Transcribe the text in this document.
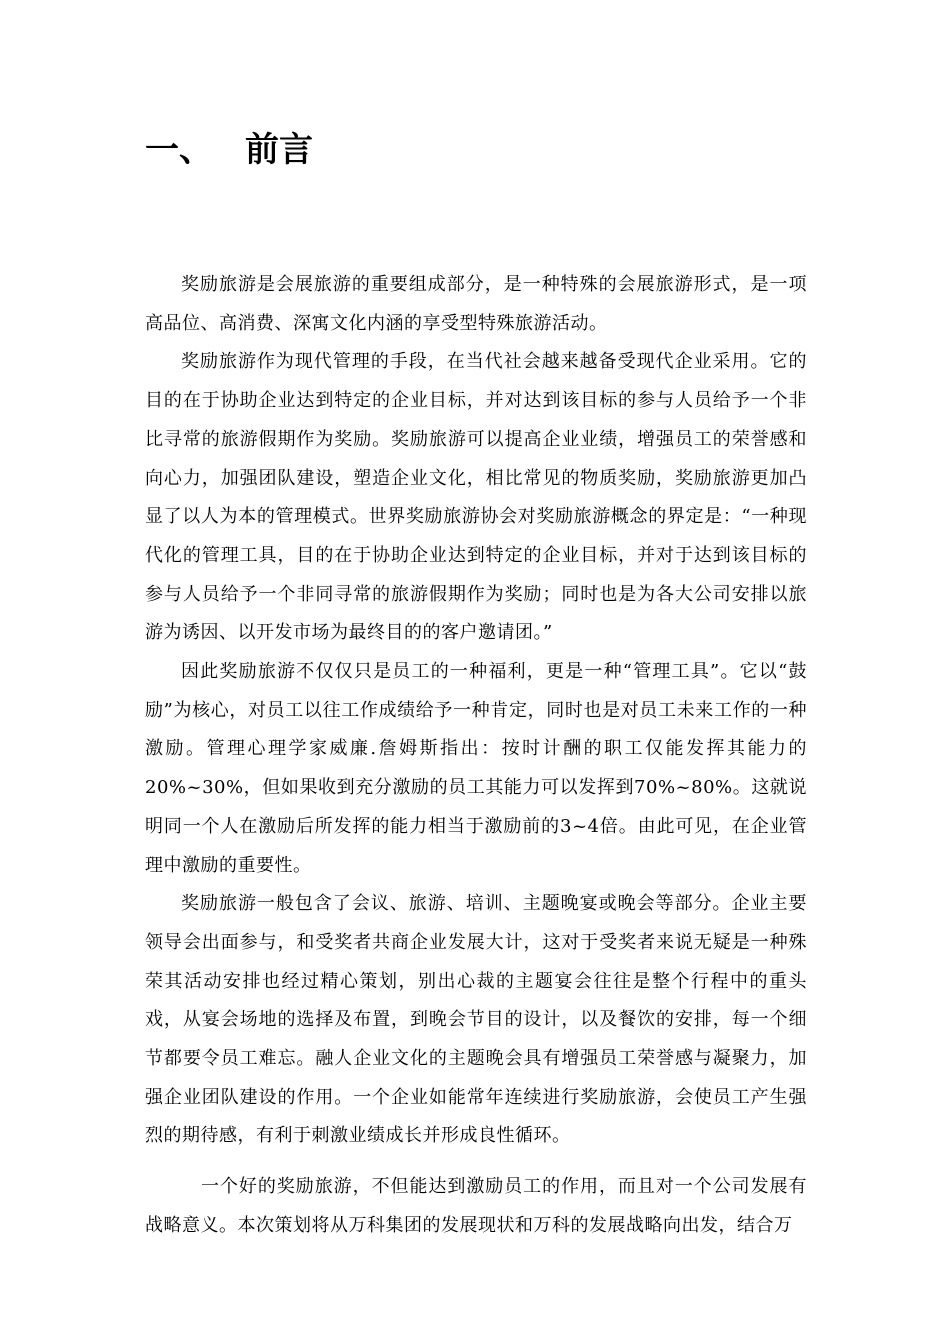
一、 前言

奖励旅游是会展旅游的重要组成部分，是一种特殊的会展旅游形式，是一项高品位、高消费、深寓文化内涵的享受型特殊旅游活动。

奖励旅游作为现代管理的手段，在当代社会越来越备受现代企业采用。它的目的在于协助企业达到特定的企业目标，并对达到该目标的参与人员给予一个非比寻常的旅游假期作为奖励。奖励旅游可以提高企业业绩，增强员工的荣誉感和向心力，加强团队建设，塑造企业文化，相比常见的物质奖励，奖励旅游更加凸显了以人为本的管理模式。世界奖励旅游协会对奖励旅游概念的界定是：“一种现代化的管理工具，目的在于协助企业达到特定的企业目标，并对于达到该目标的参与人员给予一个非同寻常的旅游假期作为奖励；同时也是为各大公司安排以旅游为诱因、以开发市场为最终目的的客户邀请团。”

因此奖励旅游不仅仅只是员工的一种福利，更是一种“管理工具”。它以“鼓励”为核心，对员工以往工作成绩给予一种肯定，同时也是对员工未来工作的一种激励。管理心理学家威廉.詹姆斯指出：按时计酬的职工仅能发挥其能力的20%~30%，但如果收到充分激励的员工其能力可以发挥到70%~80%。这就说明同一个人在激励后所发挥的能力相当于激励前的3~4倍。由此可见，在企业管理中激励的重要性。

奖励旅游一般包含了会议、旅游、培训、主题晚宴或晚会等部分。企业主要领导会出面参与，和受奖者共商企业发展大计，这对于受奖者来说无疑是一种殊荣其活动安排也经过精心策划，别出心裁的主题宴会往往是整个行程中的重头戏，从宴会场地的选择及布置，到晚会节目的设计，以及餐饮的安排，每一个细节都要令员工难忘。融人企业文化的主题晚会具有增强员工荣誉感与凝聚力，加强企业团队建设的作用。一个企业如能常年连续进行奖励旅游，会使员工产生强烈的期待感，有利于刺激业绩成长并形成良性循环。

一个好的奖励旅游，不但能达到激励员工的作用，而且对一个公司发展有战略意义。本次策划将从万科集团的发展现状和万科的发展战略向出发，结合万
